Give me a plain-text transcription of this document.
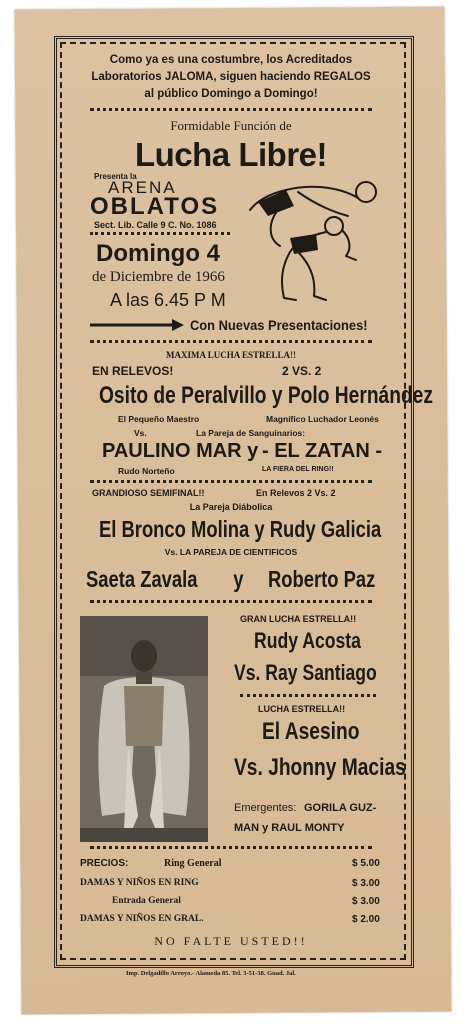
Como ya es una costumbre, los Acreditados
Laboratorios JALOMA, siguen haciendo REGALOS
al público Domingo a Domingo!
Formidable Función de
Lucha Libre!
Presenta la
ARENA
OBLATOS
Sect. Lib. Calle 9 C. No. 1086
Domingo 4
de Diciembre de 1966
A las 6.45 P M
Con Nuevas Presentaciones!
MAXIMA LUCHA ESTRELLA!!
EN RELEVOS!	2 VS. 2
Osito de Peralvillo y Polo Hernández
El Pequeño Maestro	Magnífico Luchador Leonés
Vs.	La Pareja de Sanguinarios:
PAULINO MAR y - EL ZATAN -
Rudo Norteño	LA FIERA DEL RING!!
GRANDIOSO SEMIFINAL!!	En Relevos 2 Vs. 2
La Pareja Diábolica
El Bronco Molina y Rudy Galicia
Vs. LA PAREJA DE CIENTIFICOS
Saeta Zavala y Roberto Paz
GRAN LUCHA ESTRELLA!!
Rudy Acosta
Vs. Ray Santiago
LUCHA ESTRELLA!!
El Asesino
Vs. Jhonny Macias
Emergentes: GORILA GUZ-
MAN y RAUL MONTY
PRECIOS:	Ring General	$ 5.00
DAMAS Y NIÑOS EN RING	$ 3.00
Entrada General	$ 3.00
DAMAS Y NIÑOS EN GRAL.	$ 2.00
NO FALTE USTED!!
Imp. Delgadillo Arroyo.- Alameda 85. Tel. 3-51-38. Guad. Jal.
